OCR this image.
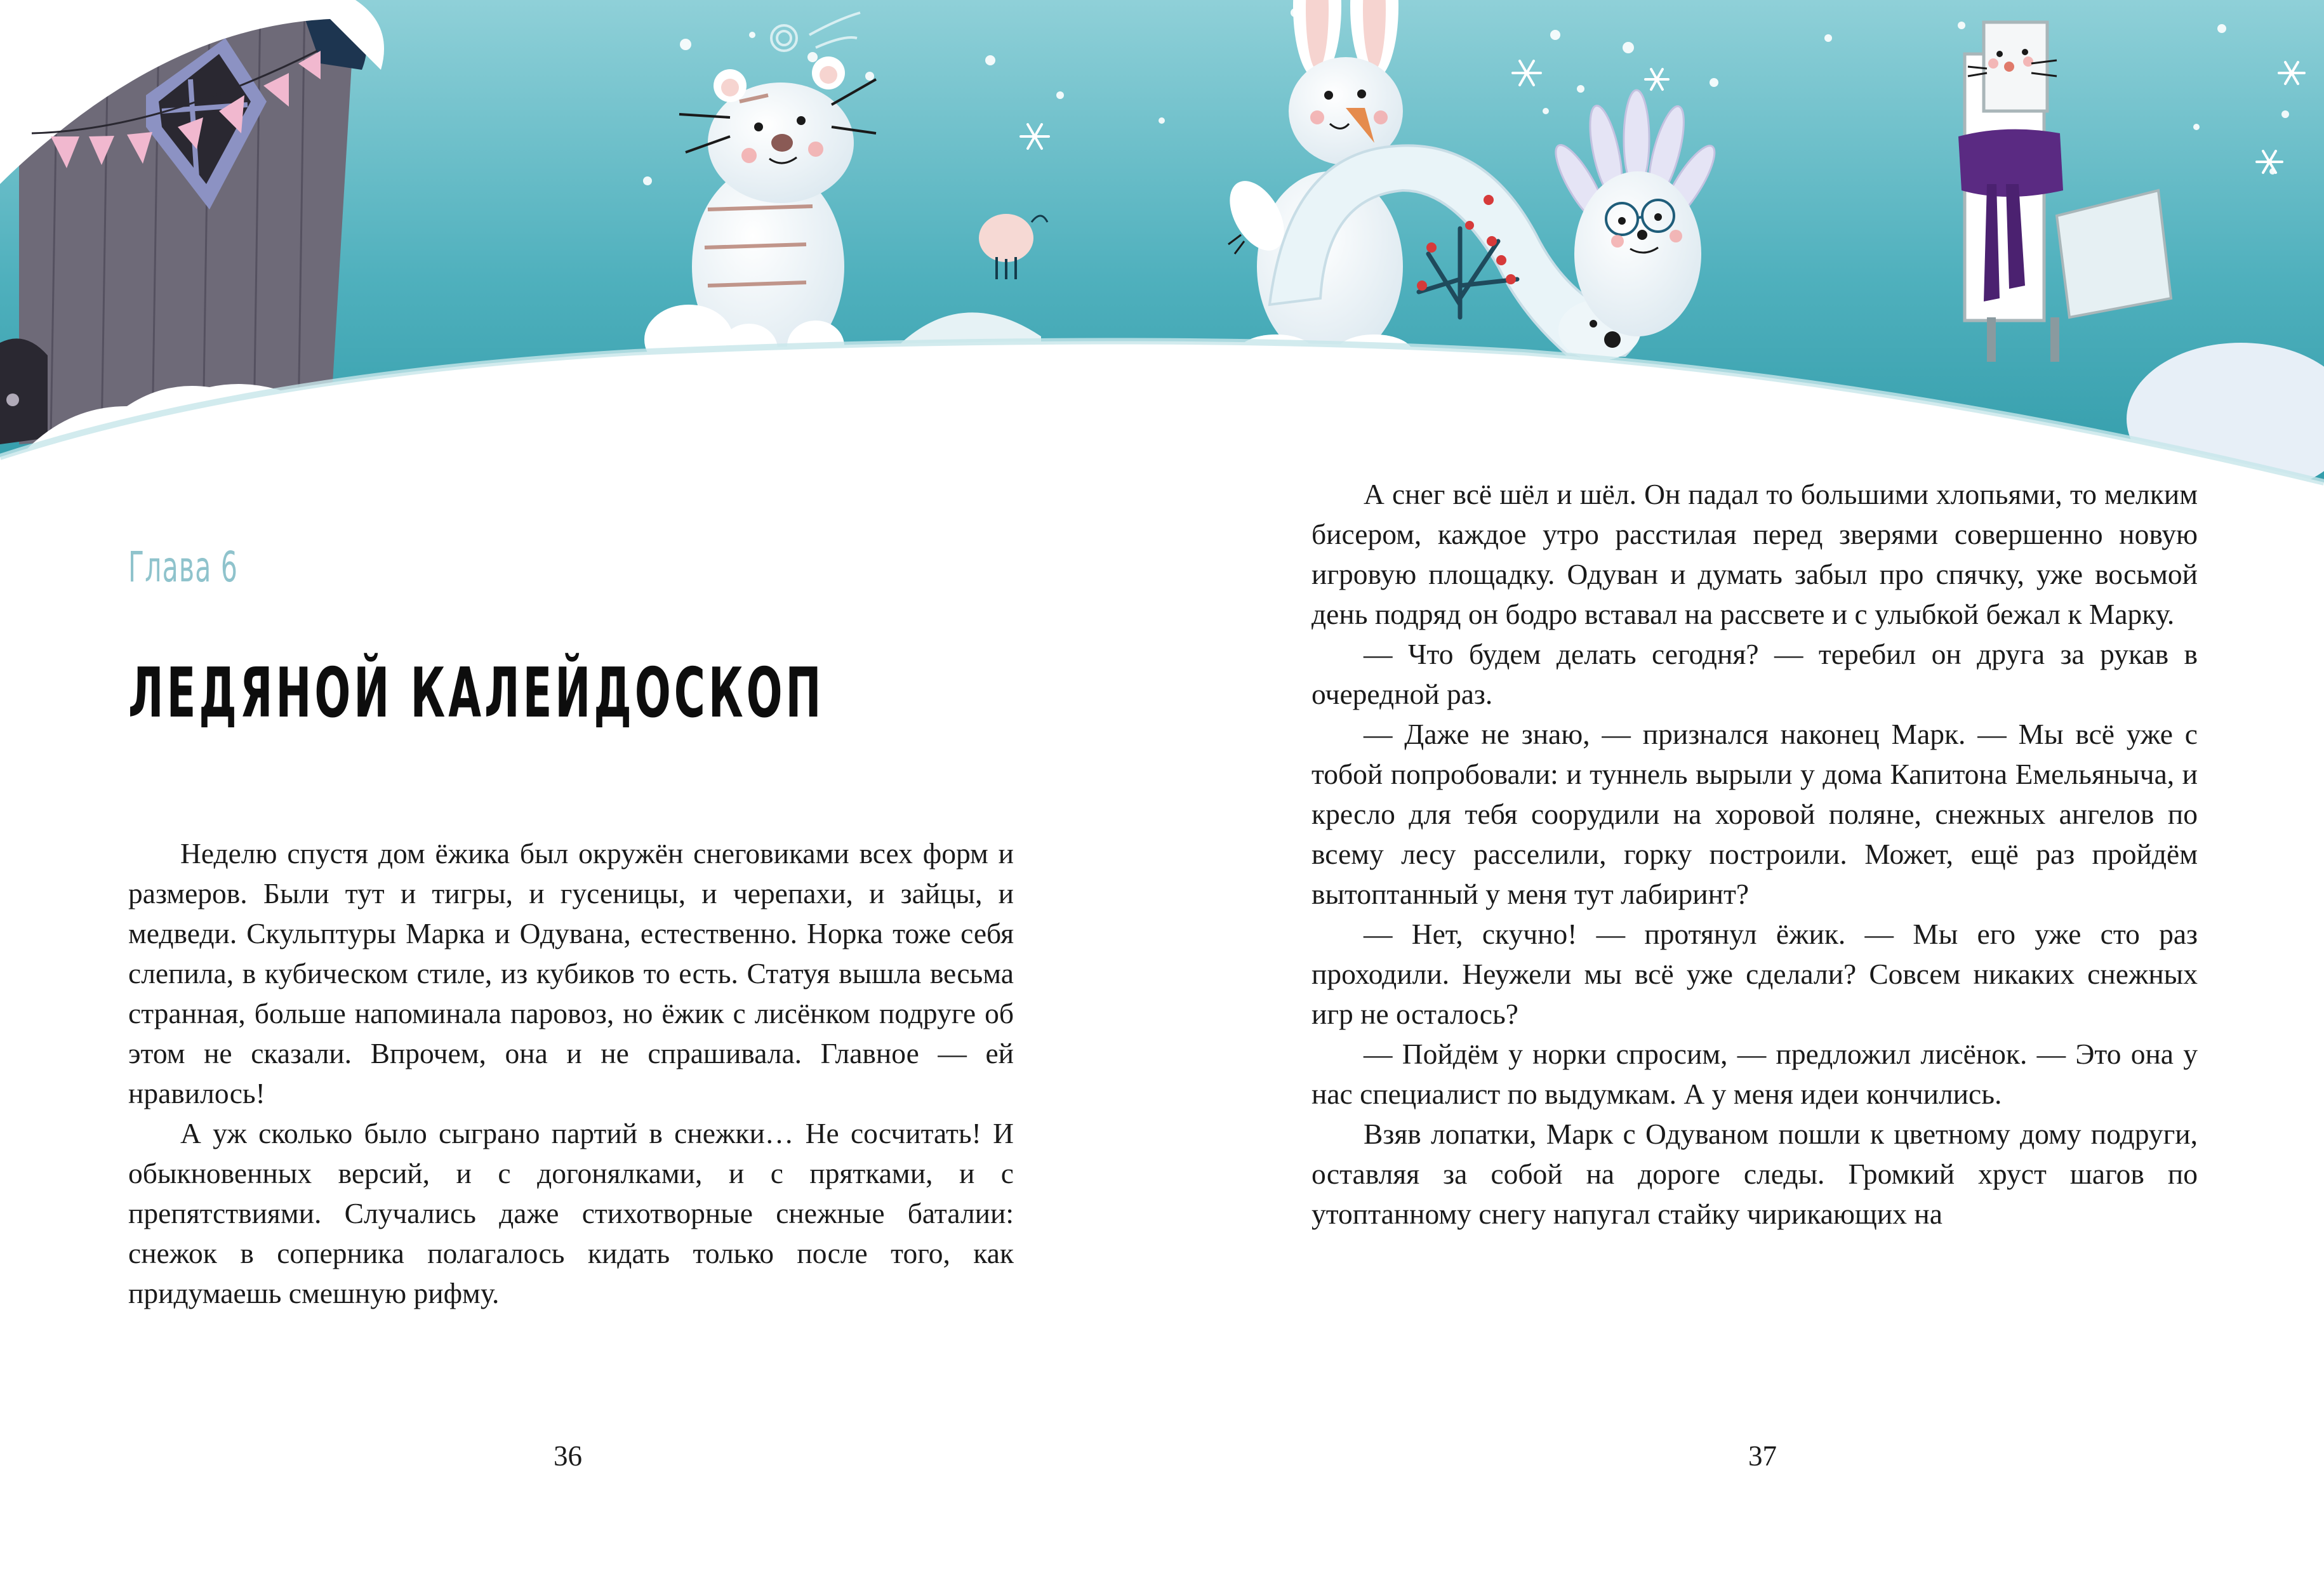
Глава 6
ЛЕДЯНОЙ КАЛЕЙДОСКОП

Неделю спустя дом ёжика был окружён снеговиками всех форм и размеров. Были тут и тигры, и гусеницы, и черепахи, и зайцы, и медведи. Скульптуры Марка и Одувана, естественно. Норка тоже себя слепила, в кубическом стиле, из кубиков то есть. Статуя вышла весьма странная, больше напоминала паровоз, но ёжик с лисёнком подруге об этом не сказали. Впрочем, она и не спрашивала. Главное — ей нравилось!

А уж сколько было сыграно партий в снежки… Не сосчитать! И обыкновенных версий, и с догонялками, и с прятками, и с препятствиями. Случались даже стихотворные снежные баталии: снежок в соперника полагалось кидать только после того, как придумаешь смешную рифму.

36

А снег всё шёл и шёл. Он падал то большими хлопьями, то мелким бисером, каждое утро расстилая перед зверями совершенно новую игровую площадку. Одуван и думать забыл про спячку, уже восьмой день подряд он бодро вставал на рассвете и с улыбкой бежал к Марку.

— Что будем делать сегодня? — теребил он друга за рукав в очередной раз.

— Даже не знаю, — признался наконец Марк. — Мы всё уже с тобой попробовали: и туннель вырыли у дома Капитона Емельяныча, и кресло для тебя соорудили на хоровой поляне, снежных ангелов по всему лесу расселили, горку построили. Может, ещё раз пройдём вытоптанный у меня тут лабиринт?

— Нет, скучно! — протянул ёжик. — Мы его уже сто раз проходили. Неужели мы всё уже сделали? Совсем никаких снежных игр не осталось?

— Пойдём у норки спросим, — предложил лисёнок. — Это она у нас специалист по выдумкам. А у меня идеи кончились.

Взяв лопатки, Марк с Одуваном пошли к цветному дому подруги, оставляя за собой на дороге следы. Громкий хруст шагов по утоптанному снегу напугал стайку чирикающих на

37
